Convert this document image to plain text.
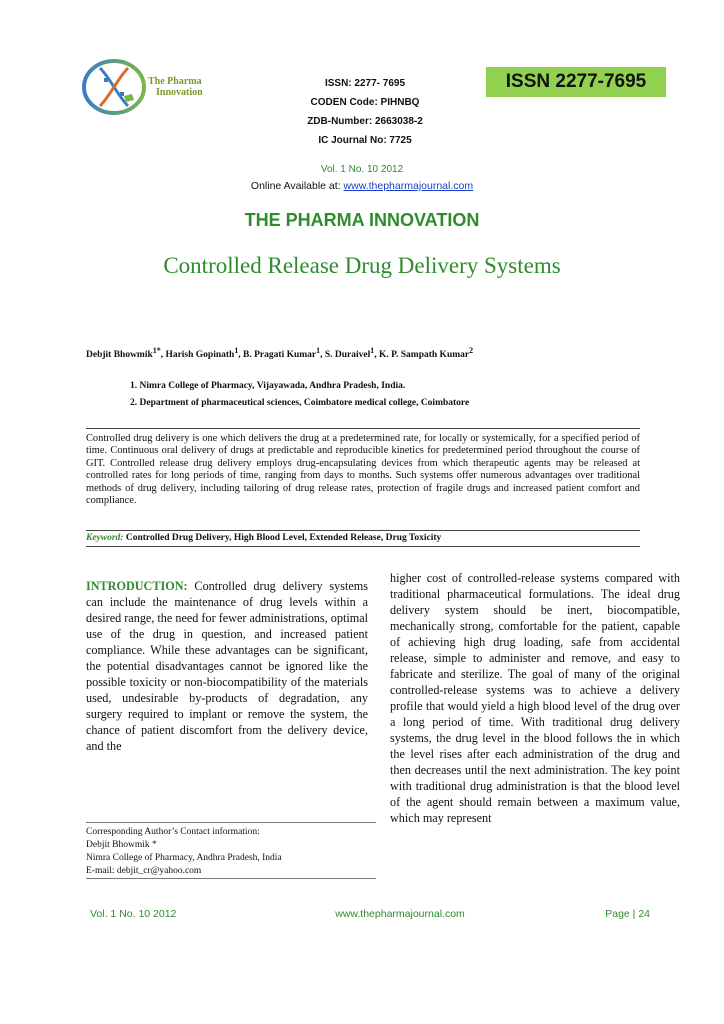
The Pharma
Innovation
ISSN: 2277- 7695
CODEN Code: PIHNBQ
ZDB-Number: 2663038-2
IC Journal No: 7725
ISSN 2277-7695
Vol. 1 No. 10 2012
Online Available at: www.thepharmajournal.com
THE PHARMA INNOVATION
Controlled Release Drug Delivery Systems
Debjit Bhowmik$^{1*}$, Harish Gopinath$^1$, B. Pragati Kumar$^1$, S. Duraivel$^1$, K. P. Sampath Kumar$^2$
1. Nimra College of Pharmacy, Vijayawada, Andhra Pradesh, India.
2. Department of pharmaceutical sciences, Coimbatore medical college, Coimbatore
Controlled drug delivery is one which delivers the drug at a predetermined rate, for locally or systemically, for a specified period of time. Continuous oral delivery of drugs at predictable and reproducible kinetics for predetermined period throughout the course of GIT. Controlled release drug delivery employs drug-encapsulating devices from which therapeutic agents may be released at controlled rates for long periods of time, ranging from days to months. Such systems offer numerous advantages over traditional methods of drug delivery, including tailoring of drug release rates, protection of fragile drugs and increased patient comfort and compliance.
Keyword: Controlled Drug Delivery, High Blood Level, Extended Release, Drug Toxicity
INTRODUCTION: Controlled drug delivery systems can include the maintenance of drug levels within a desired range, the need for fewer administrations, optimal use of the drug in question, and increased patient compliance. While these advantages can be significant, the potential disadvantages cannot be ignored like the possible toxicity or non-biocompatibility of the materials used, undesirable by-products of degradation, any surgery required to implant or remove the system, the chance of patient discomfort from the delivery device, and the
higher cost of controlled-release systems compared with traditional pharmaceutical formulations. The ideal drug delivery system should be inert, biocompatible, mechanically strong, comfortable for the patient, capable of achieving high drug loading, safe from accidental release, simple to administer and remove, and easy to fabricate and sterilize. The goal of many of the original controlled-release systems was to achieve a delivery profile that would yield a high blood level of the drug over a long period of time. With traditional drug delivery systems, the drug level in the blood follows the in which the level rises after each administration of the drug and then decreases until the next administration. The key point with traditional drug administration is that the blood level of the agent should remain between a maximum value, which may represent
Corresponding Author’s Contact information:
Debjit Bhowmik *
Nimra College of Pharmacy, Andhra Pradesh, India
E-mail: debjit_cr@yahoo.com
Vol. 1 No. 10 2012	www.thepharmajournal.com	Page | 24
